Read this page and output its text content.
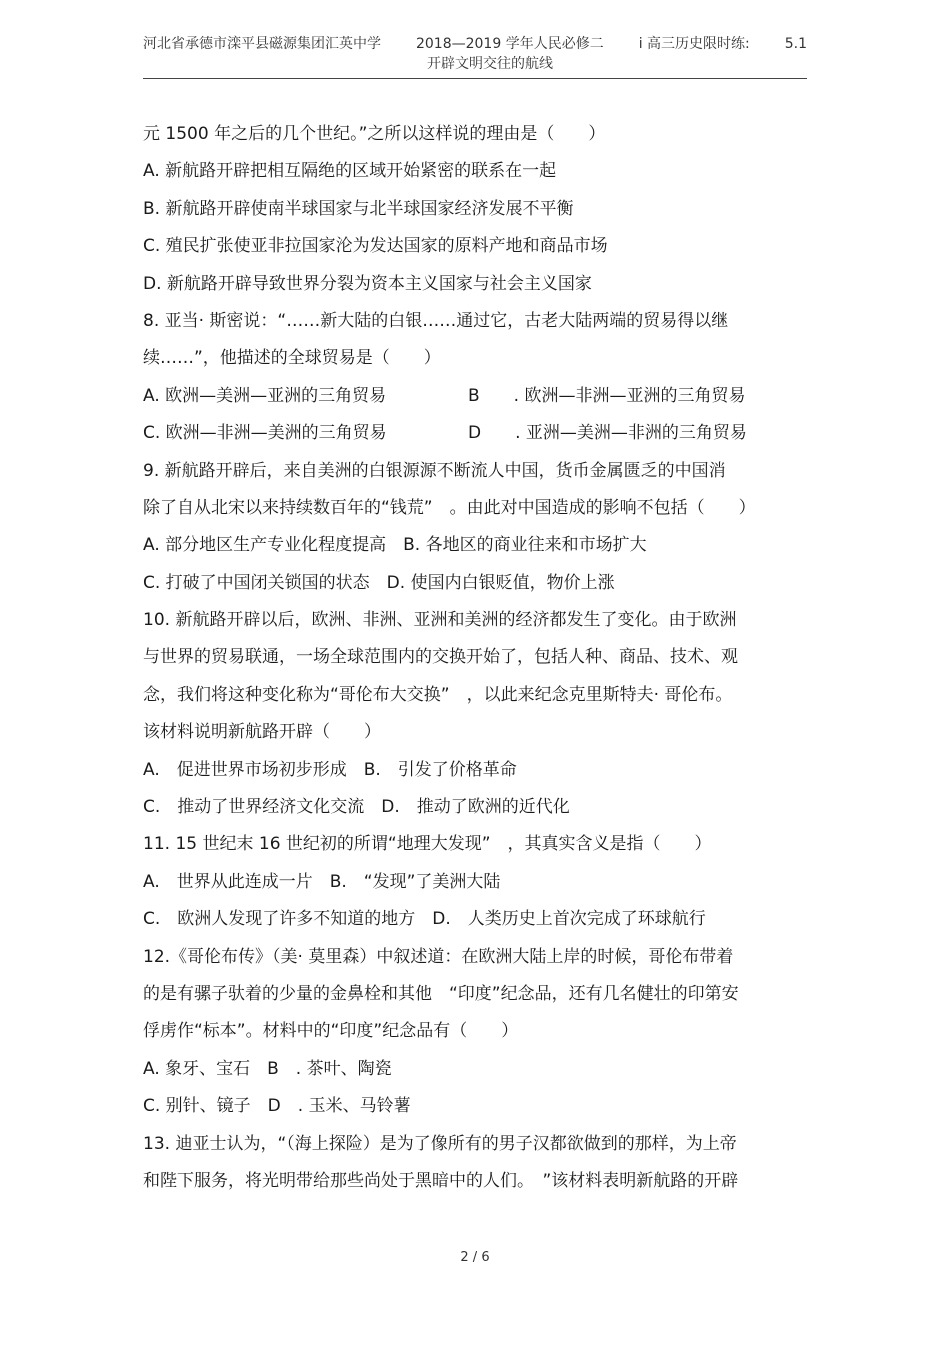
河北省承德市滦平县磁源集团汇英中学 2018—2019 学年人民必修二 i 高三历史限时练: 5.1
开辟文明交往的航线
元 1500 年之后的几个世纪。”之所以这样说的理由是（　　）
A. 新航路开辟把相互隔绝的区域开始紧密的联系在一起
B. 新航路开辟使南半球国家与北半球国家经济发展不平衡
C. 殖民扩张使亚非拉国家沦为发达国家的原料产地和商品市场
D. 新航路开辟导致世界分裂为资本主义国家与社会主义国家
8. 亚当· 斯密说：“……新大陆的白银……通过它，古老大陆两端的贸易得以继
续……”，他描述的全球贸易是（　　）
A. 欧洲—美洲—亚洲的三角贸易	B　　. 欧洲—非洲—亚洲的三角贸易
C. 欧洲—非洲—美洲的三角贸易	D　　. 亚洲—美洲—非洲的三角贸易
9. 新航路开辟后，来自美洲的白银源源不断流人中国，货币金属匮乏的中国消
除了自从北宋以来持续数百年的“钱荒”　。由此对中国造成的影响不包括（　　）
A. 部分地区生产专业化程度提高　B. 各地区的商业往来和市场扩大
C. 打破了中国闭关锁国的状态　D. 使国内白银贬值，物价上涨
10. 新航路开辟以后，欧洲、非洲、亚洲和美洲的经济都发生了变化。由于欧洲
与世界的贸易联通，一场全球范围内的交换开始了，包括人种、商品、技术、观
念，我们将这种变化称为“哥伦布大交换”　，以此来纪念克里斯特夫· 哥伦布。
该材料说明新航路开辟（　　）
A.　促进世界市场初步形成　B.　引发了价格革命
C.　推动了世界经济文化交流　D.　推动了欧洲的近代化
11. 15 世纪末 16 世纪初的所谓“地理大发现”　，其真实含义是指（　　）
A.　世界从此连成一片　B.　“发现”了美洲大陆
C.　欧洲人发现了许多不知道的地方　D.　人类历史上首次完成了环球航行
12.《哥伦布传》（美· 莫里森）中叙述道：在欧洲大陆上岸的时候，哥伦布带着
的是有骡子驮着的少量的金鼻栓和其他　“印度”纪念品，还有几名健壮的印第安
俘虏作“标本”。材料中的“印度”纪念品有（　　）
A. 象牙、宝石　B　. 茶叶、陶瓷
C. 别针、镜子　D　. 玉米、马铃薯
13. 迪亚士认为，“（海上探险）是为了像所有的男子汉都欲做到的那样，为上帝
和陛下服务，将光明带给那些尚处于黑暗中的人们。　”该材料表明新航路的开辟
2 / 6
